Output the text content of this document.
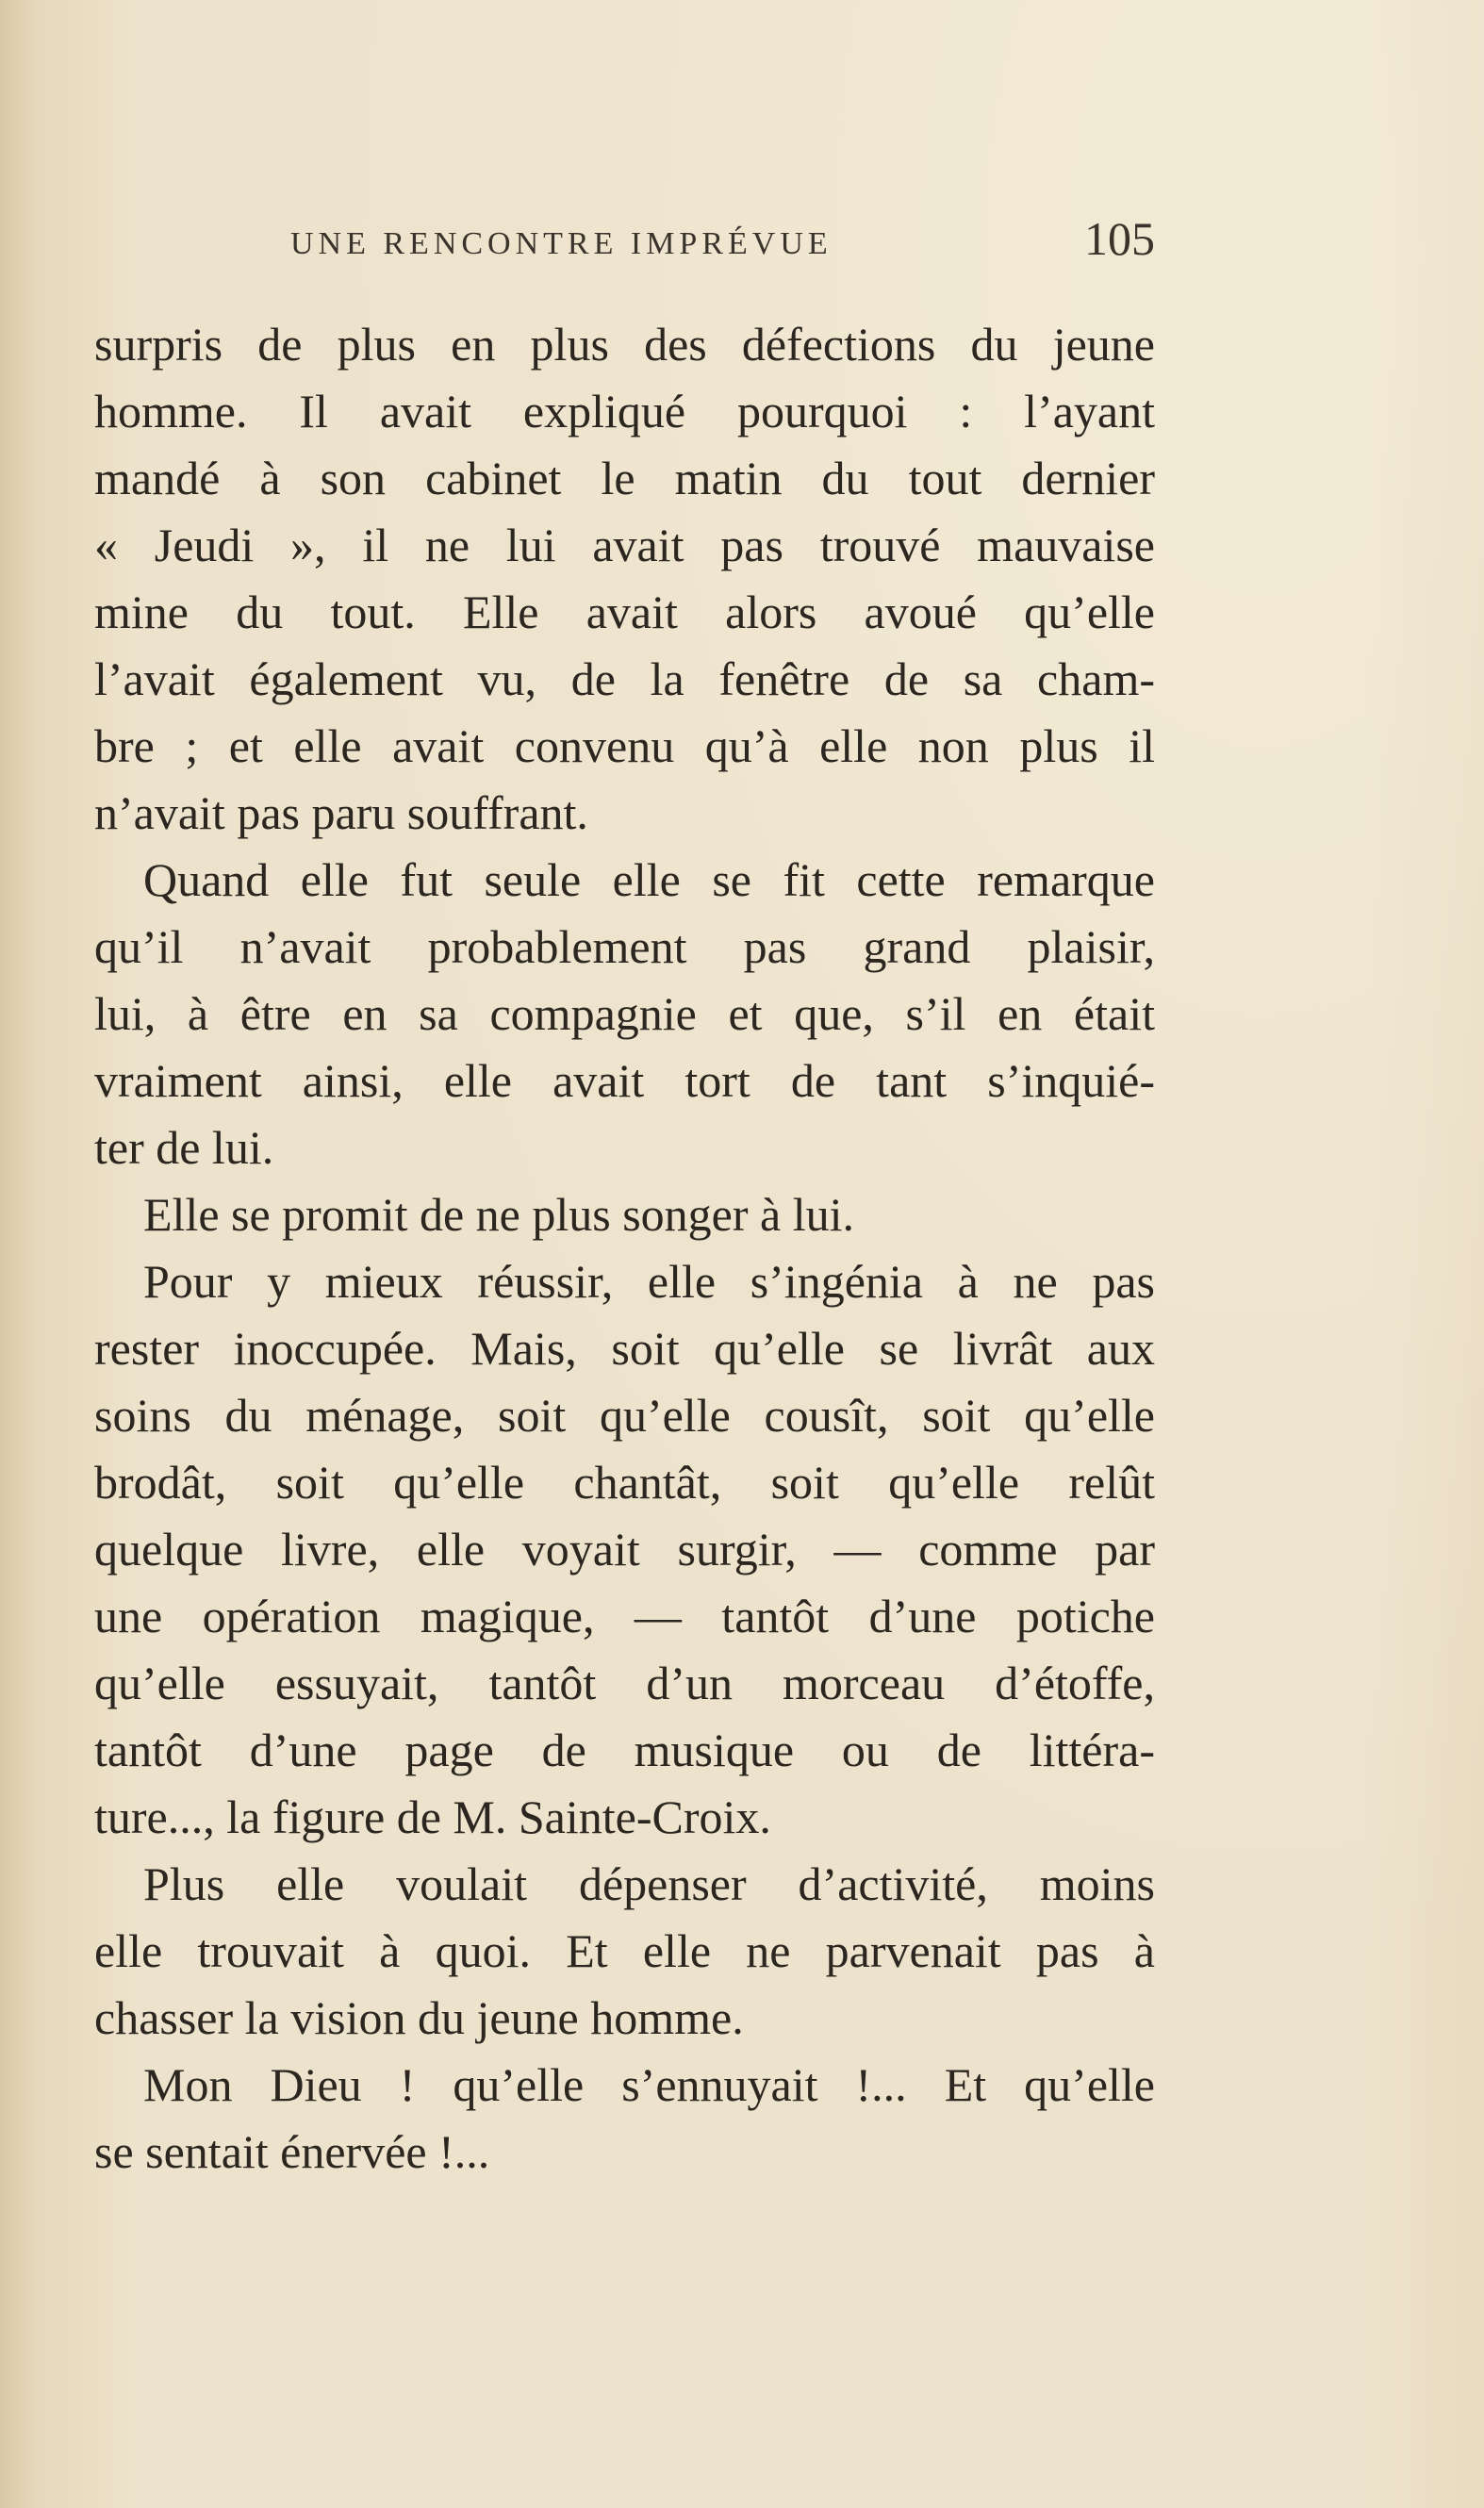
UNE RENCONTRE IMPRÉVUE	105
surpris de plus en plus des défections du jeune
homme. Il avait expliqué pourquoi : l’ayant
mandé à son cabinet le matin du tout dernier
« Jeudi », il ne lui avait pas trouvé mauvaise
mine du tout. Elle avait alors avoué qu’elle
l’avait également vu, de la fenêtre de sa cham-
bre ; et elle avait convenu qu’à elle non plus il
n’avait pas paru souffrant.
Quand elle fut seule elle se fit cette remarque
qu’il n’avait probablement pas grand plaisir,
lui, à être en sa compagnie et que, s’il en était
vraiment ainsi, elle avait tort de tant s’inquié-
ter de lui.
Elle se promit de ne plus songer à lui.
Pour y mieux réussir, elle s’ingénia à ne pas
rester inoccupée. Mais, soit qu’elle se livrât aux
soins du ménage, soit qu’elle cousît, soit qu’elle
brodât, soit qu’elle chantât, soit qu’elle relût
quelque livre, elle voyait surgir, — comme par
une opération magique, — tantôt d’une potiche
qu’elle essuyait, tantôt d’un morceau d’étoffe,
tantôt d’une page de musique ou de littéra-
ture..., la figure de M. Sainte-Croix.
Plus elle voulait dépenser d’activité, moins
elle trouvait à quoi. Et elle ne parvenait pas à
chasser la vision du jeune homme.
Mon Dieu ! qu’elle s’ennuyait !... Et qu’elle
se sentait énervée !...
